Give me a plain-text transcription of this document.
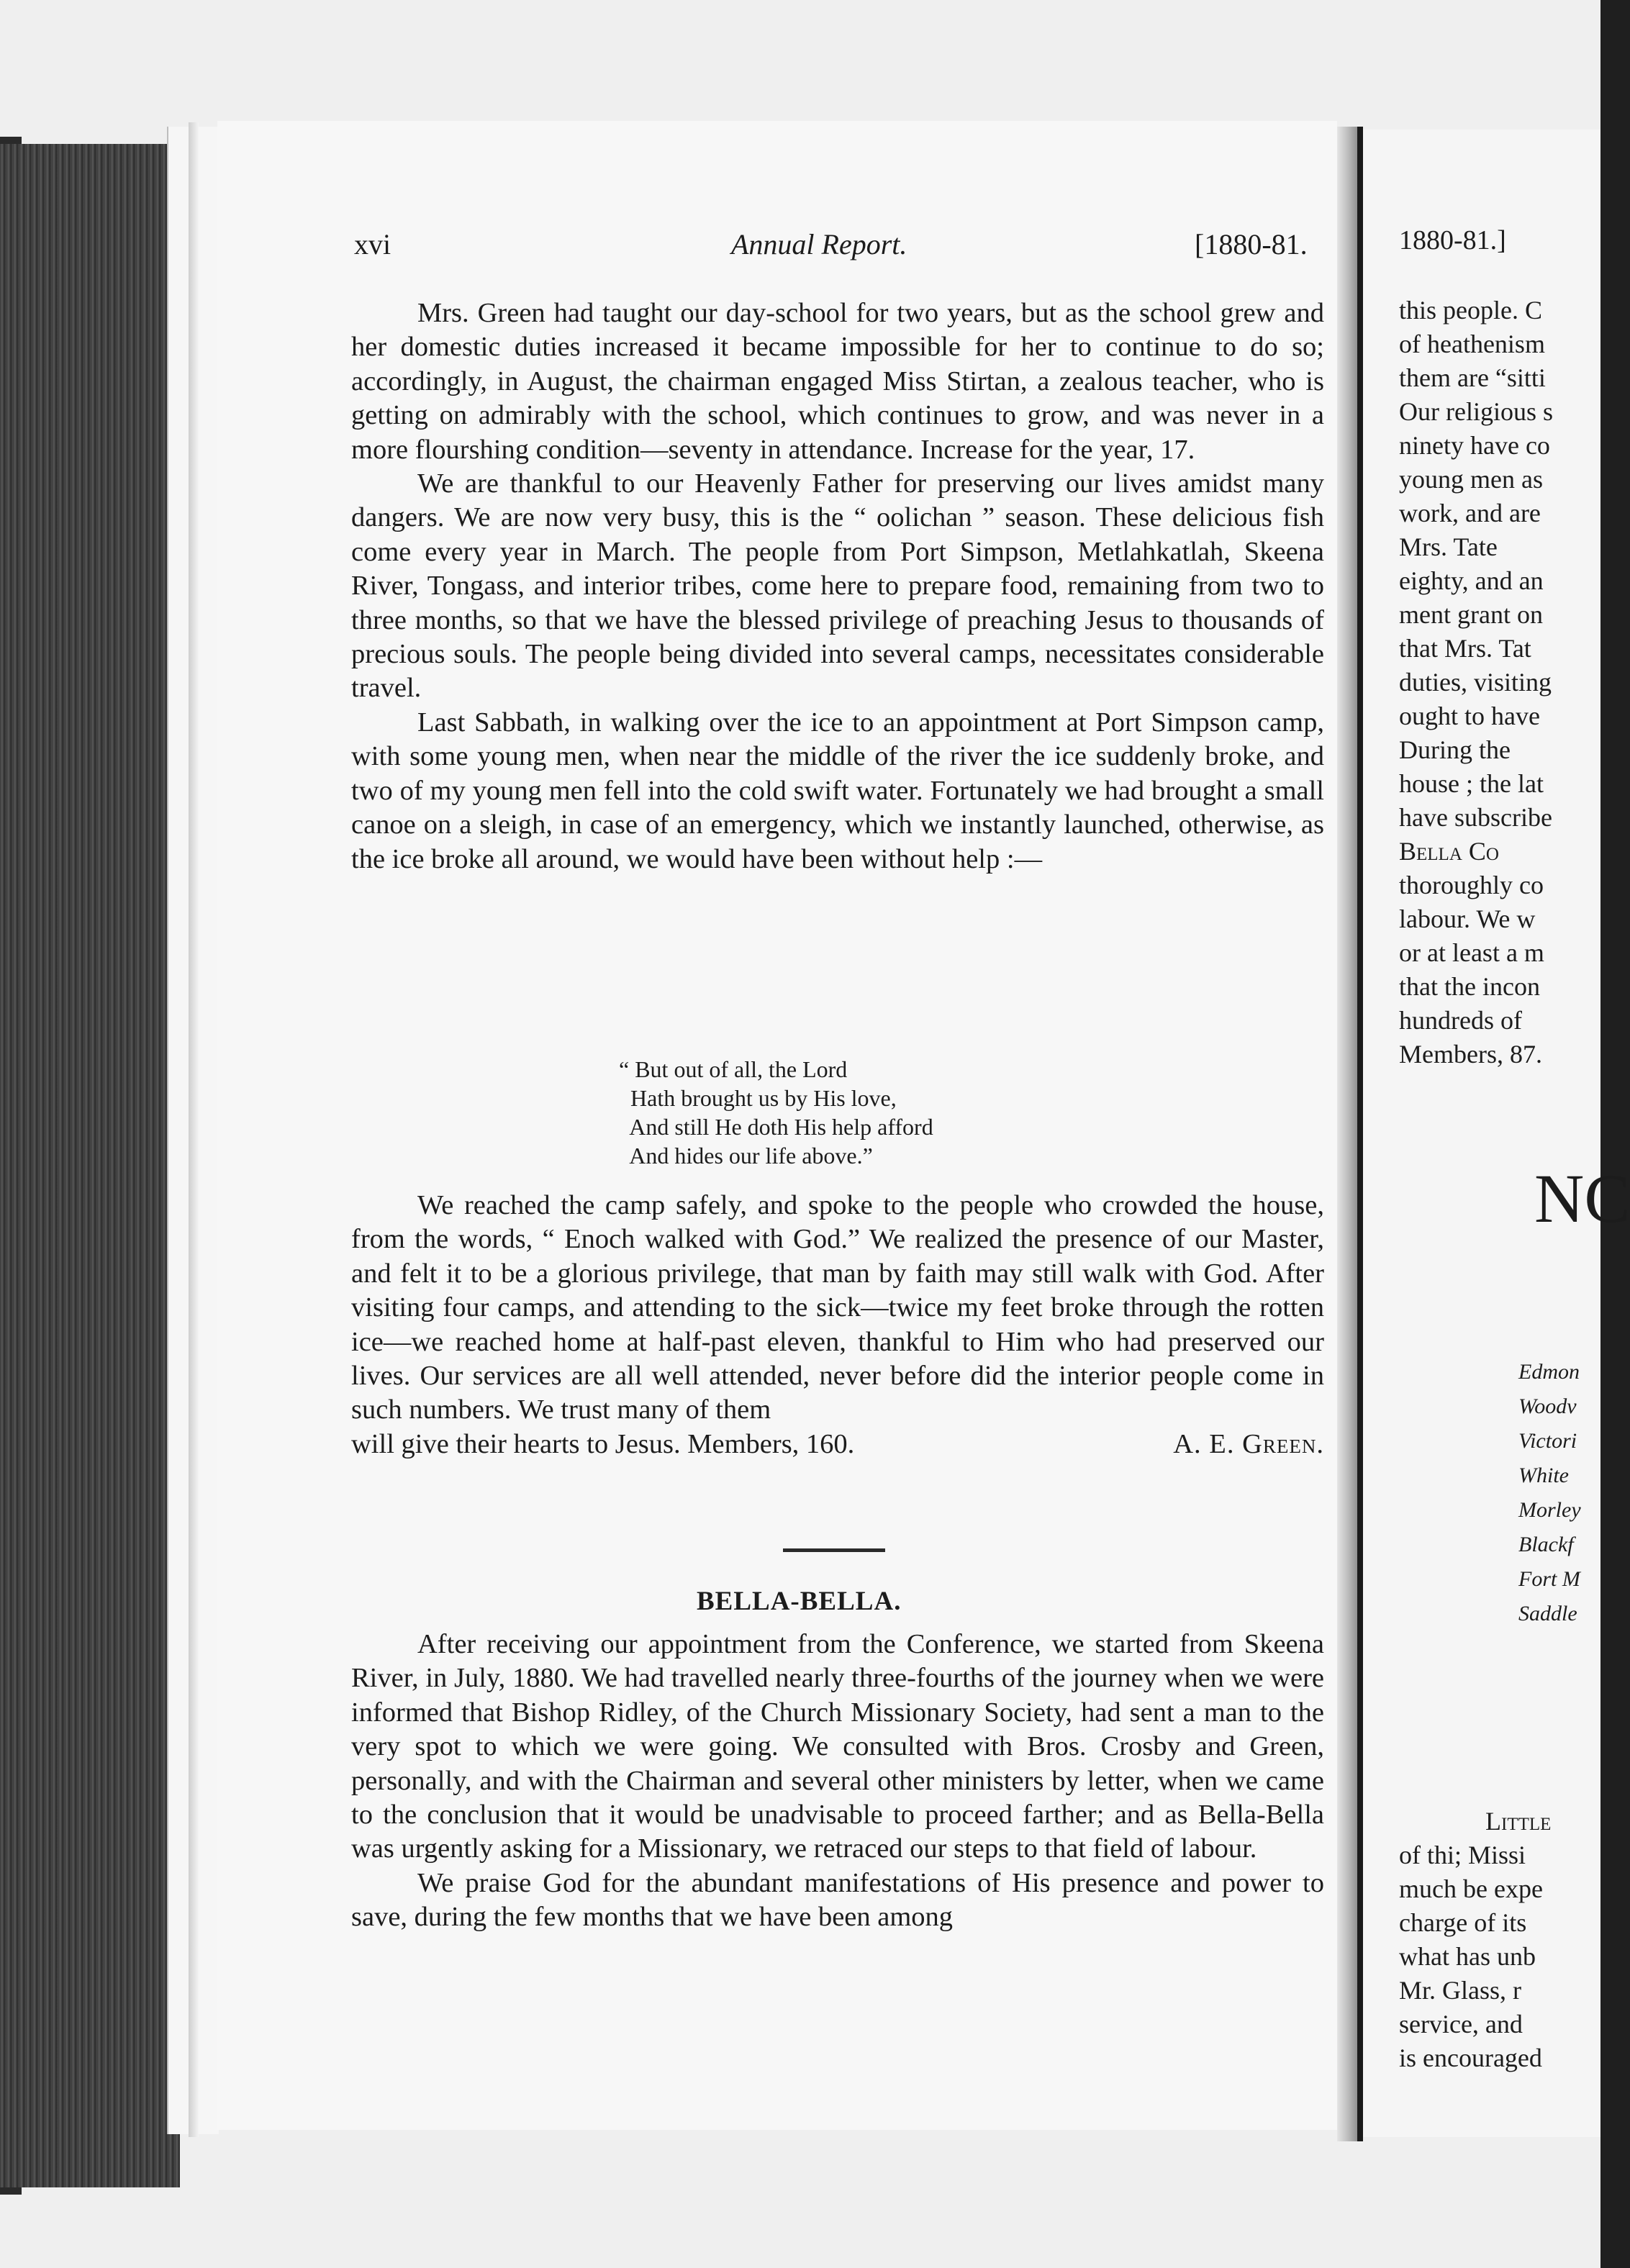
xvi	Annual Report.	[1880-81.

Mrs. Green had taught our day-school for two years, but as the school grew and her domestic duties increased it became impossible for her to continue to do so; accordingly, in August, the chairman engaged Miss Stirtan, a zealous teacher, who is getting on admirably with the school, which continues to grow, and was never in a more flourshing condition—seventy in attendance. Increase for the year, 17.

We are thankful to our Heavenly Father for preserving our lives amidst many dangers. We are now very busy, this is the “ oolichan ” season. These delicious fish come every year in March. The people from Port Simpson, Metlahkatlah, Skeena River, Tongass, and interior tribes, come here to prepare food, remaining from two to three months, so that we have the blessed privilege of preaching Jesus to thousands of precious souls. The people being divided into several camps, necessitates considerable travel.

Last Sabbath, in walking over the ice to an appointment at Port Simpson camp, with some young men, when near the middle of the river the ice suddenly broke, and two of my young men fell into the cold swift water. Fortunately we had brought a small canoe on a sleigh, in case of an emergency, which we instantly launched, otherwise, as the ice broke all around, we would have been without help :—

“ But out of all, the Lord
Hath brought us by His love,
And still He doth His help afford
And hides our life above.”

We reached the camp safely, and spoke to the people who crowded the house, from the words, “ Enoch walked with God.” We realized the presence of our Master, and felt it to be a glorious privilege, that man by faith may still walk with God. After visiting four camps, and attending to the sick—twice my feet broke through the rotten ice—we reached home at half-past eleven, thankful to Him who had preserved our lives. Our services are all well attended, never before did the interior people come in such numbers. We trust many of them

will give their hearts to Jesus. Members, 160.	A. E. Green.
BELLA-BELLA.

After receiving our appointment from the Conference, we started from Skeena River, in July, 1880. We had travelled nearly three-fourths of the journey when we were informed that Bishop Ridley, of the Church Missionary Society, had sent a man to the very spot to which we were going. We consulted with Bros. Crosby and Green, personally, and with the Chairman and several other ministers by letter, when we came to the conclusion that it would be unadvisable to proceed farther; and as Bella-Bella was urgently asking for a Missionary, we retraced our steps to that field of labour.

We praise God for the abundant manifestations of His presence and power to save, during the few months that we have been among

1880-81.]
this people. C
of heathenism
them are “sitti
Our religious s
ninety have co
young men as
work, and are
Mrs. Tate
eighty, and an
ment grant on
that Mrs. Tat
duties, visiting
ought to have
During the
house ; the lat
have subscribe
Bella Co
thoroughly co
labour. We w
or at least a m
that the incon
hundreds of
Members, 87.
NC
Edmon
Woodv
Victori
White
Morley
Blackf
Fort M
Saddle
Little
of thi; Missi
much be expe
charge of its
what has unb
Mr. Glass, r
service, and
is encouraged
